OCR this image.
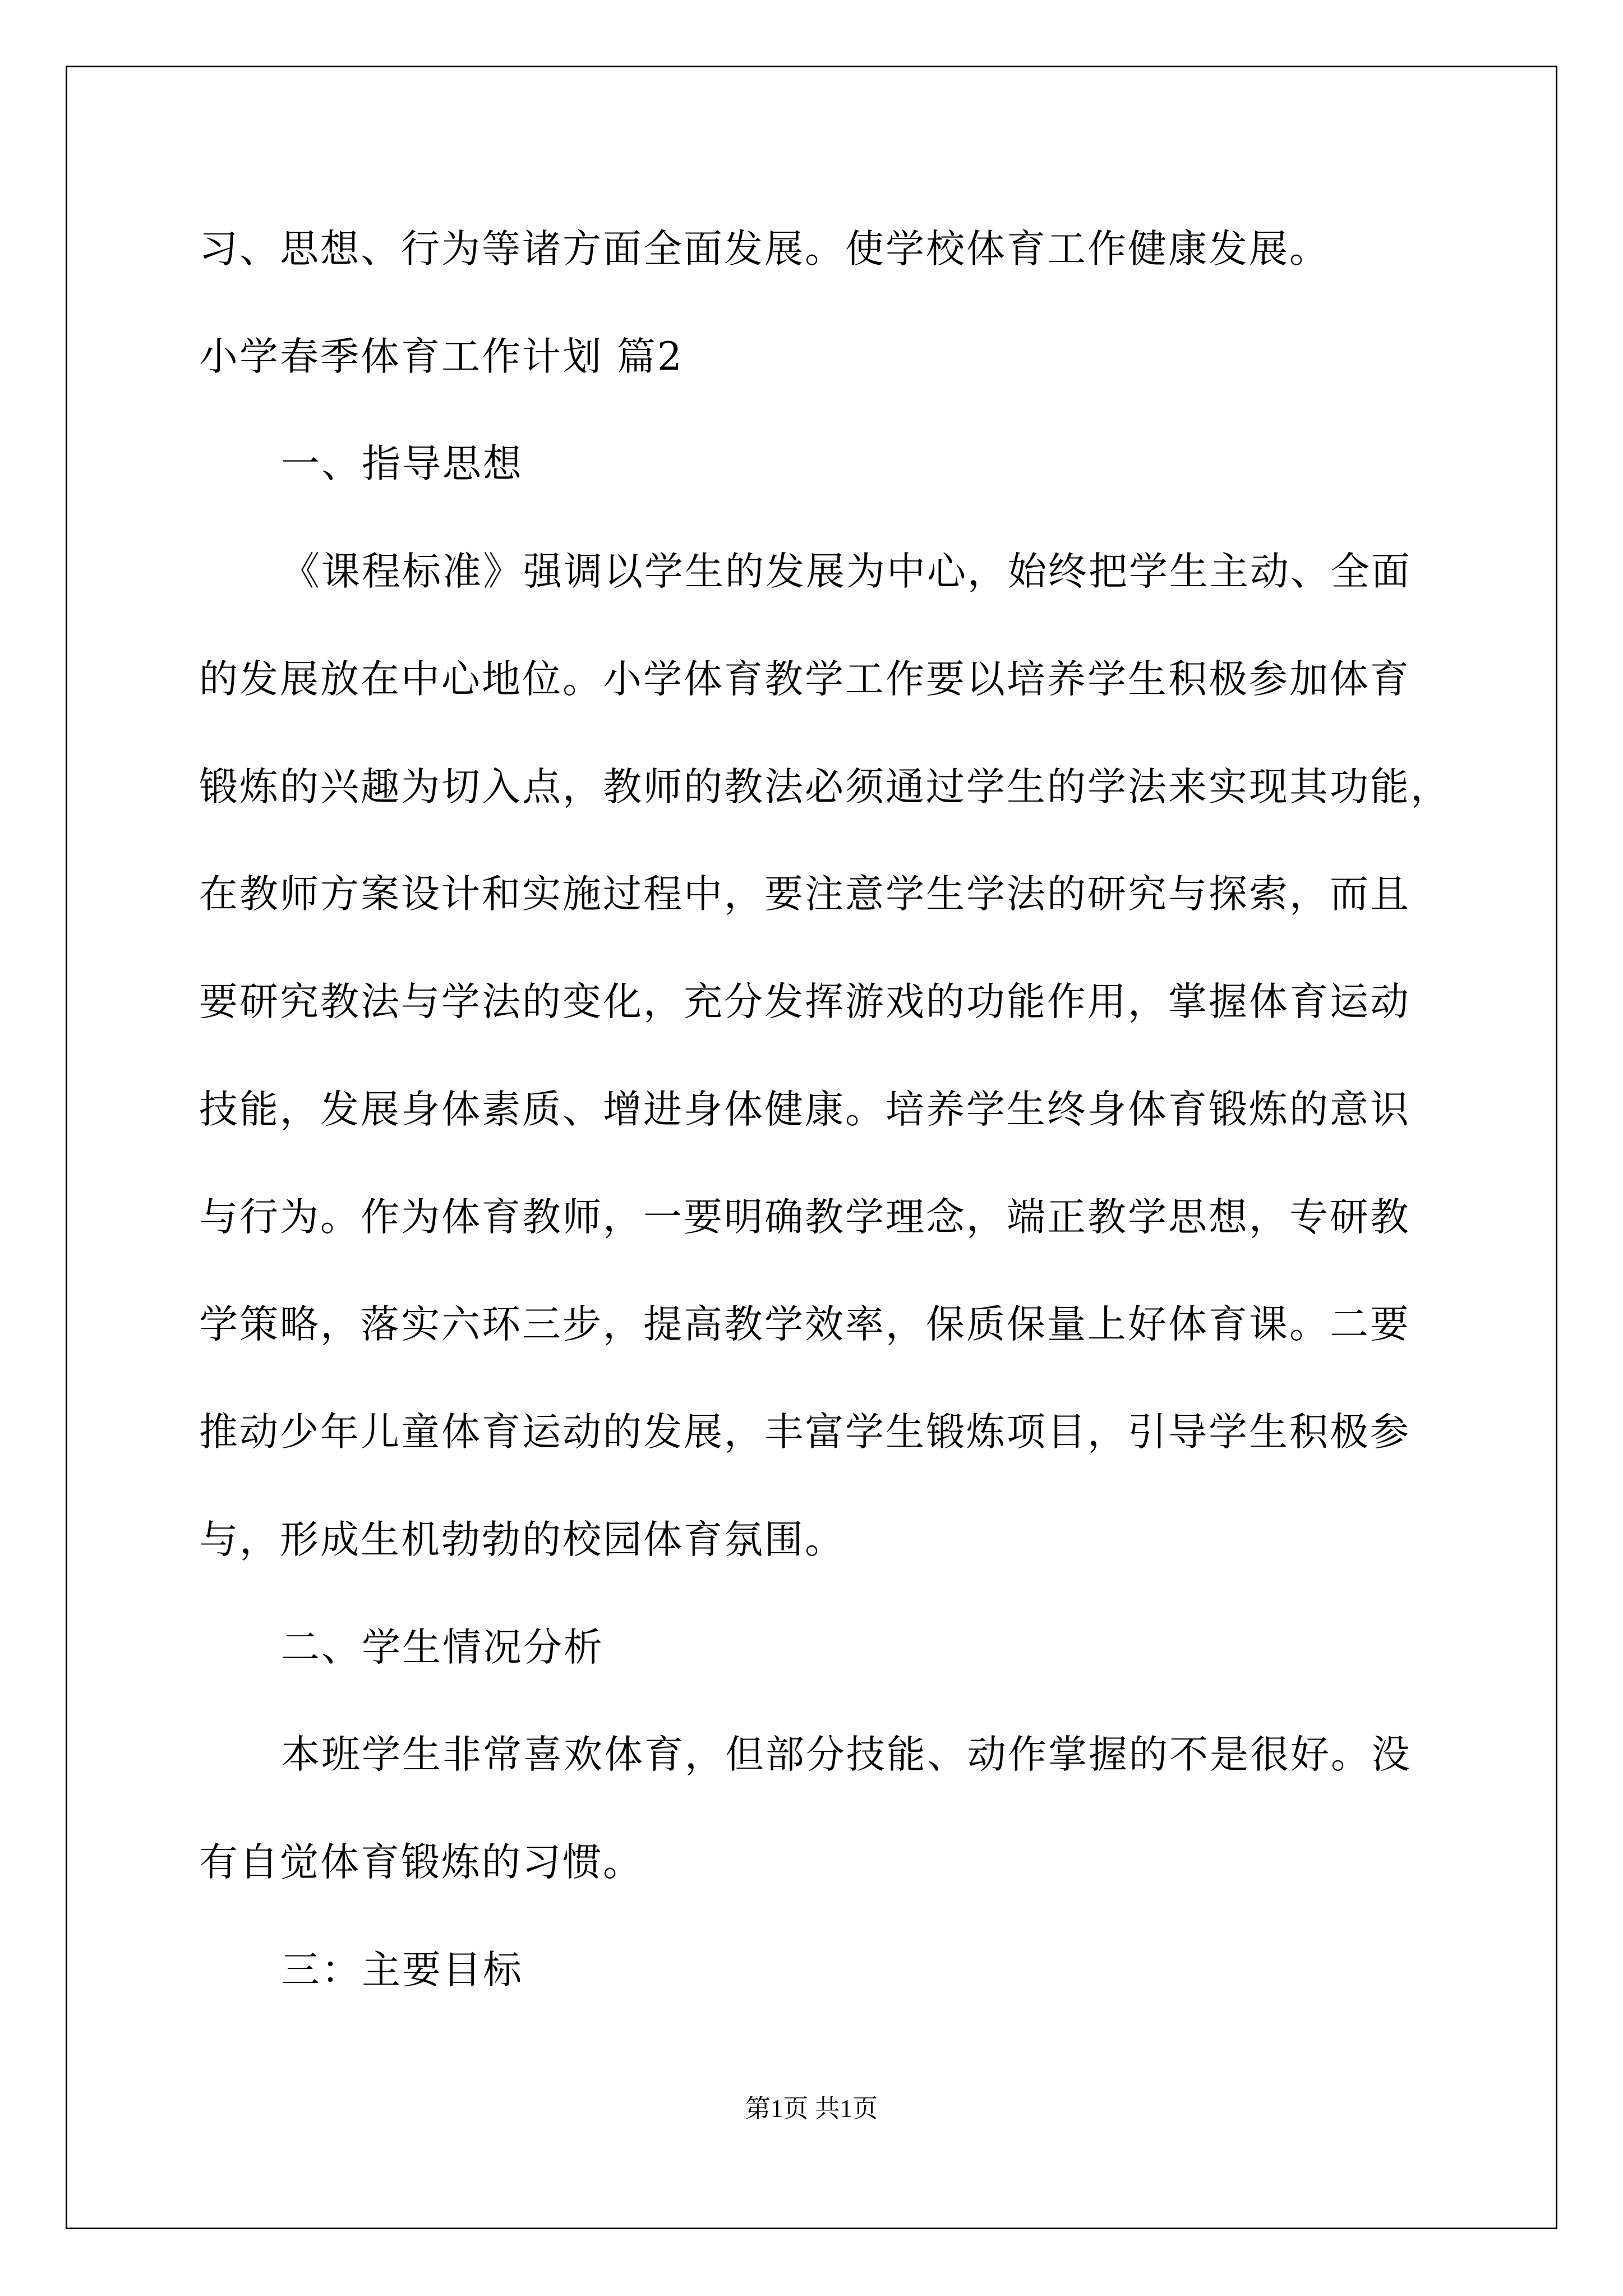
习、思想、行为等诸方面全面发展。使学校体育工作健康发展。
小学春季体育工作计划 篇2
一、指导思想
《课程标准》强调以学生的发展为中心，始终把学生主动、全面
的发展放在中心地位。小学体育教学工作要以培养学生积极参加体育
锻炼的兴趣为切入点，教师的教法必须通过学生的学法来实现其功能，
在教师方案设计和实施过程中，要注意学生学法的研究与探索，而且
要研究教法与学法的变化，充分发挥游戏的功能作用，掌握体育运动
技能，发展身体素质、增进身体健康。培养学生终身体育锻炼的意识
与行为。作为体育教师，一要明确教学理念，端正教学思想，专研教
学策略，落实六环三步，提高教学效率，保质保量上好体育课。二要
推动少年儿童体育运动的发展，丰富学生锻炼项目，引导学生积极参
与，形成生机勃勃的校园体育氛围。
二、学生情况分析
本班学生非常喜欢体育，但部分技能、动作掌握的不是很好。没
有自觉体育锻炼的习惯。
三：主要目标
第1页 共1页
